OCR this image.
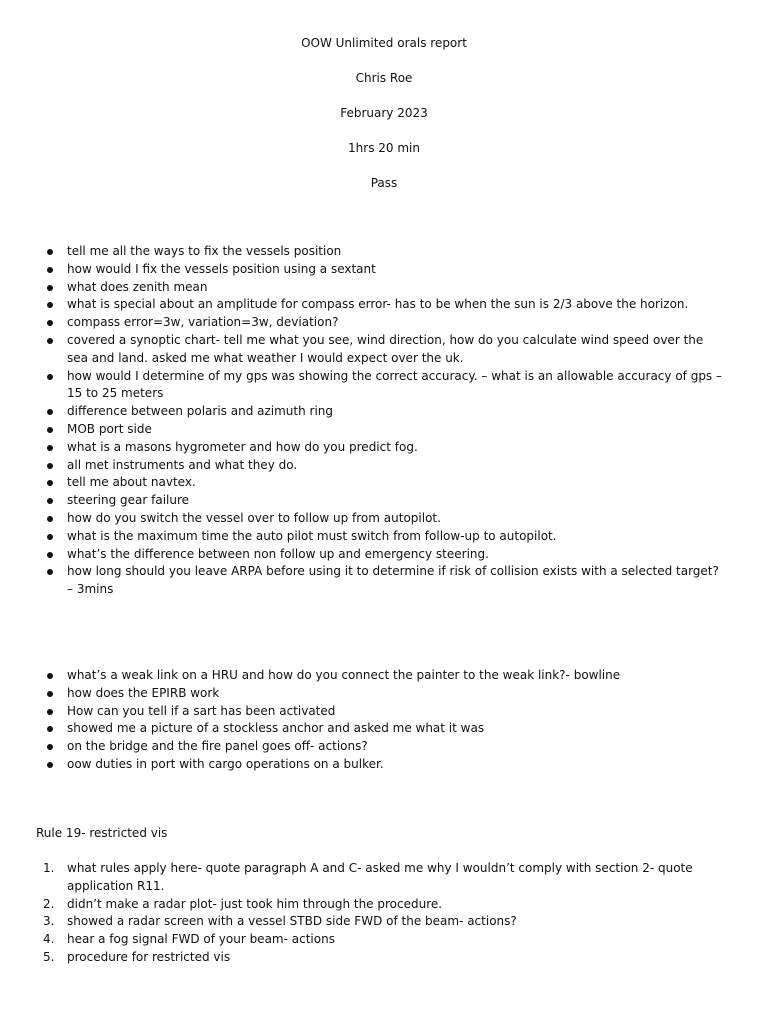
OOW Unlimited orals report
Chris Roe
February 2023
1hrs 20 min
Pass
tell me all the ways to fix the vessels position
how would I fix the vessels position using a sextant
what does zenith mean
what is special about an amplitude for compass error- has to be when the sun is 2/3 above the horizon.
compass error=3w, variation=3w, deviation?
covered a synoptic chart- tell me what you see, wind direction, how do you calculate wind speed over the sea and land. asked me what weather I would expect over the uk.
how would I determine of my gps was showing the correct accuracy. – what is an allowable accuracy of gps – 15 to 25 meters
difference between polaris and azimuth ring
MOB port side
what is a masons hygrometer and how do you predict fog.
all met instruments and what they do.
tell me about navtex.
steering gear failure
how do you switch the vessel over to follow up from autopilot.
what is the maximum time the auto pilot must switch from follow-up to autopilot.
what’s the difference between non follow up and emergency steering.
how long should you leave ARPA before using it to determine if risk of collision exists with a selected target? – 3mins
what’s a weak link on a HRU and how do you connect the painter to the weak link?- bowline
how does the EPIRB work
How can you tell if a sart has been activated
showed me a picture of a stockless anchor and asked me what it was
on the bridge and the fire panel goes off- actions?
oow duties in port with cargo operations on a bulker.
Rule 19- restricted vis
1. what rules apply here- quote paragraph A and C- asked me why I wouldn’t comply with section 2- quote application R11.
2. didn’t make a radar plot- just took him through the procedure.
3. showed a radar screen with a vessel STBD side FWD of the beam- actions?
4. hear a fog signal FWD of your beam- actions
5. procedure for restricted vis
